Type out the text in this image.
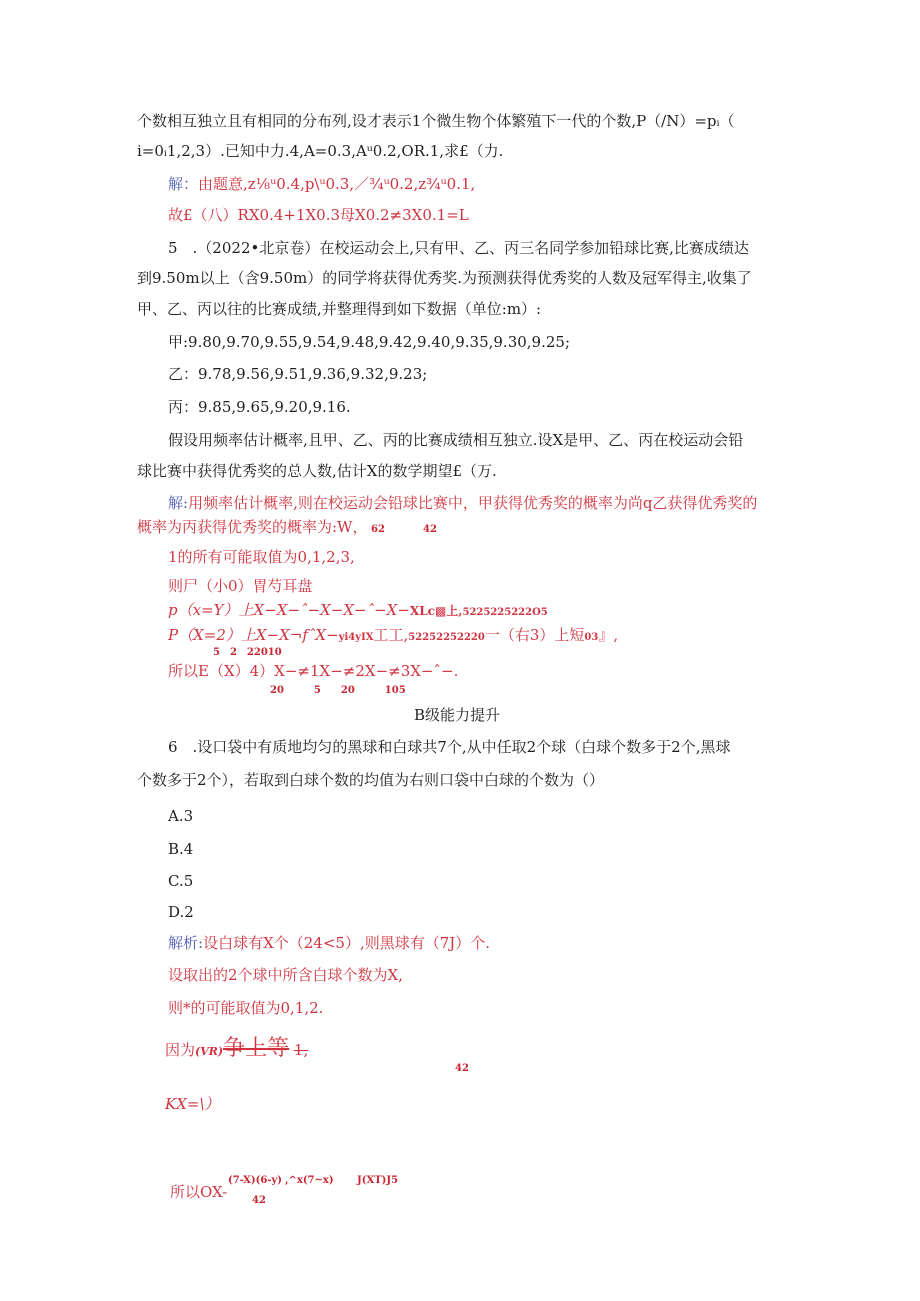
个数相互独立且有相同的分布列,设才表示1个微生物个体繁殖下一代的个数,P（/N）=pᵢ（
i=0ᵢ1,2,3）.已知中力.4,A=0.3,Aᵘ0.2,OR.1,求£（力.
解：由题意,z⅛ᵘ0.4,p\ᵘ0.3,／¾ᵘ0.2,z¾ᵘ0.1,
故£（八）RX0.4+1X0.3母X0.2≠3X0.1=L
5　.（2022•北京卷）在校运动会上,只有甲、乙、丙三名同学参加铅球比赛,比赛成绩达
到9.50m以上（含9.50m）的同学将获得优秀奖.为预测获得优秀奖的人数及冠军得主,收集了
甲、乙、丙以往的比赛成绩,并整理得到如下数据（单位:m）:
甲:9.80,9.70,9.55,9.54,9.48,9.42,9.40,9.35,9.30,9.25;
乙：9.78,9.56,9.51,9.36,9.32,9.23;
丙：9.85,9.65,9.20,9.16.
假设用频率估计概率,且甲、乙、丙的比赛成绩相互独立.设X是甲、乙、丙在校运动会铅
球比赛中获得优秀奖的总人数,估计X的数学期望£（万.
解:用频率估计概率,则在校运动会铅球比赛中，甲获得优秀奖的概率为尚q乙获得优秀奖的
概率为丙获得优秀奖的概率为:W， 62	42
1的所有可能取值为0,1,2,3,
则尸（小0）胃芍耳盘
p（x=Y）上X−X−ˆ−X−X−ˆ−X−XLc▩上,5225225222O5
P（X=2）上X−X¬fˆX−yi4yIX工工,52252252220一（右3）上短03』,
5　2　22010
所以E（X）4）X−≠1X−≠2X−≠3X−ˆ−.
20　　　5　　20　　　105
B级能力提升
6　.设口袋中有质地均匀的黑球和白球共7个,从中任取2个球（白球个数多于2个,黑球
个数多于2个），若取到白球个数的均值为右则口袋中白球的个数为（）
A.3
B.4
C.5
D.2
解析:设白球有X个（24<5）,则黑球有（7J）个.
设取出的2个球中所含白球个数为X,
则*的可能取值为0,1,2.
因为(VR)争上等 1,
42
KX=\）
所以OX-
(7-X)(6-y) ,^x(7~x) J(XT)J5
42
